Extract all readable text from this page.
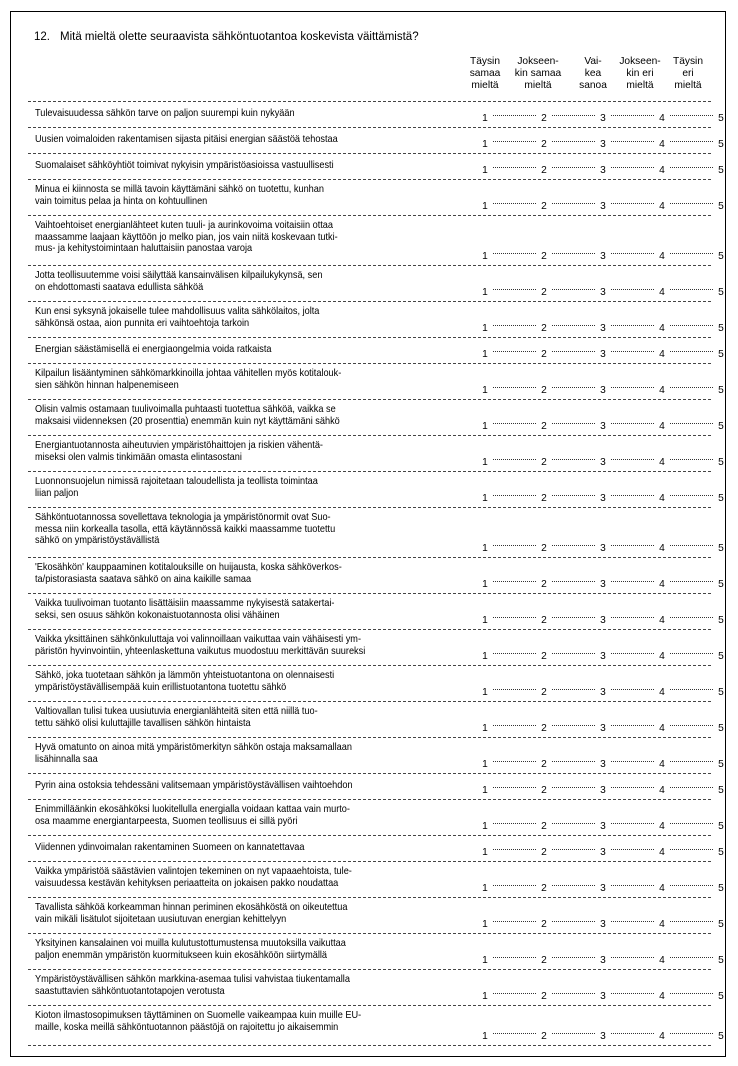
12. Mitä mieltä olette seuraavista sähköntuotantoa koskevista väittämistä?
Täysin
samaa
mieltä
Jokseen-
kin samaa
mieltä
Vai-
kea
sanoa
Jokseen-
kin eri
mieltä
Täysin
eri
mieltä
Tulevaisuudessa sähkön tarve on paljon suurempi kuin nykyään	1	2	3	4	5
Uusien voimaloiden rakentamisen sijasta pitäisi energian säästöä tehostaa	1	2	3	4	5
Suomalaiset sähköyhtiöt toimivat nykyisin ympäristöasioissa vastuullisesti	1	2	3	4	5
Minua ei kiinnosta se millä tavoin käyttämäni sähkö on tuotettu, kunhan
vain toimitus pelaa ja hinta on kohtuullinen	1	2	3	4	5
Vaihtoehtoiset energianlähteet kuten tuuli- ja aurinkovoima voitaisiin ottaa
maassamme laajaan käyttöön jo melko pian, jos vain niitä koskevaan tutki-
mus- ja kehitystoimintaan haluttaisiin panostaa varoja
1	2	3	4	5
Jotta teollisuutemme voisi säilyttää kansainvälisen kilpailukykynsä, sen
on ehdottomasti saatava edullista sähköä	1	2	3	4	5
Kun ensi syksynä jokaiselle tulee mahdollisuus valita sähkölaitos, jolta
sähkönsä ostaa, aion punnita eri vaihtoehtoja tarkoin	1	2	3	4	5
Energian säästämisellä ei energiaongelmia voida ratkaista	1	2	3	4	5
Kilpailun lisääntyminen sähkömarkkinoilla johtaa vähitellen myös kotitalouk-
sien sähkön hinnan halpenemiseen	1	2	3	4	5
Olisin valmis ostamaan tuulivoimalla puhtaasti tuotettua sähköä, vaikka se
maksaisi viidenneksen (20 prosenttia) enemmän kuin nyt käyttämäni sähkö	1	2	3	4	5
Energiantuotannosta aiheutuvien ympäristöhaittojen ja riskien vähentä-
miseksi olen valmis tinkimään omasta elintasostani	1	2	3	4	5
Luonnonsuojelun nimissä rajoitetaan taloudellista ja teollista toimintaa
liian paljon	1	2	3	4	5
Sähköntuotannossa sovellettava teknologia ja ympäristönormit ovat Suo-
messa niin korkealla tasolla, että käytännössä kaikki maassamme tuotettu
sähkö on ympäristöystävällistä
1	2	3	4	5
'Ekosähkön' kauppaaminen kotitalouksille on huijausta, koska sähköverkos-
ta/pistorasiasta saatava sähkö on aina kaikille samaa	1	2	3	4	5
Vaikka tuulivoiman tuotanto lisättäisiin maassamme nykyisestä satakertai-
seksi, sen osuus sähkön kokonaistuotannosta olisi vähäinen	1	2	3	4	5
Vaikka yksittäinen sähkönkuluttaja voi valinnoillaan vaikuttaa vain vähäisesti ym-
päristön hyvinvointiin, yhteenlaskettuna vaikutus muodostuu merkittävän suureksi	1	2	3	4	5
Sähkö, joka tuotetaan sähkön ja lämmön yhteistuotantona on olennaisesti
ympäristöystävällisempää kuin erillistuotantona tuotettu sähkö	1	2	3	4	5
Valtiovallan tulisi tukea uusiutuvia energianlähteitä siten että niillä tuo-
tettu sähkö olisi kuluttajille tavallisen sähkön hintaista	1	2	3	4	5
Hyvä omatunto on ainoa mitä ympäristömerkityn sähkön ostaja maksamallaan
lisähinnalla saa	1	2	3	4	5
Pyrin aina ostoksia tehdessäni valitsemaan ympäristöystävällisen vaihtoehdon	1	2	3	4	5
Enimmilläänkin ekosähköksi luokitellulla energialla voidaan kattaa vain murto-
osa maamme energiantarpeesta, Suomen teollisuus ei sillä pyöri	1	2	3	4	5
Viidennen ydinvoimalan rakentaminen Suomeen on kannatettavaa	1	2	3	4	5
Vaikka ympäristöä säästävien valintojen tekeminen on nyt vapaaehtoista, tule-
vaisuudessa kestävän kehityksen periaatteita on jokaisen pakko noudattaa	1	2	3	4	5
Tavallista sähköä korkeamman hinnan periminen ekosähköstä on oikeutettua
vain mikäli lisätulot sijoitetaan uusiutuvan energian kehittelyyn	1	2	3	4	5
Yksityinen kansalainen voi muilla kulutustottumustensa muutoksilla vaikuttaa
paljon enemmän ympäristön kuormitukseen kuin ekosähköön siirtymällä	1	2	3	4	5
Ympäristöystävällisen sähkön markkina-asemaa tulisi vahvistaa tiukentamalla
saastuttavien sähköntuotantotapojen verotusta	1	2	3	4	5
Kioton ilmastosopimuksen täyttäminen on Suomelle vaikeampaa kuin muille EU-
maille, koska meillä sähköntuotannon päästöjä on rajoitettu jo aikaisemmin
1	2	3	4	5
